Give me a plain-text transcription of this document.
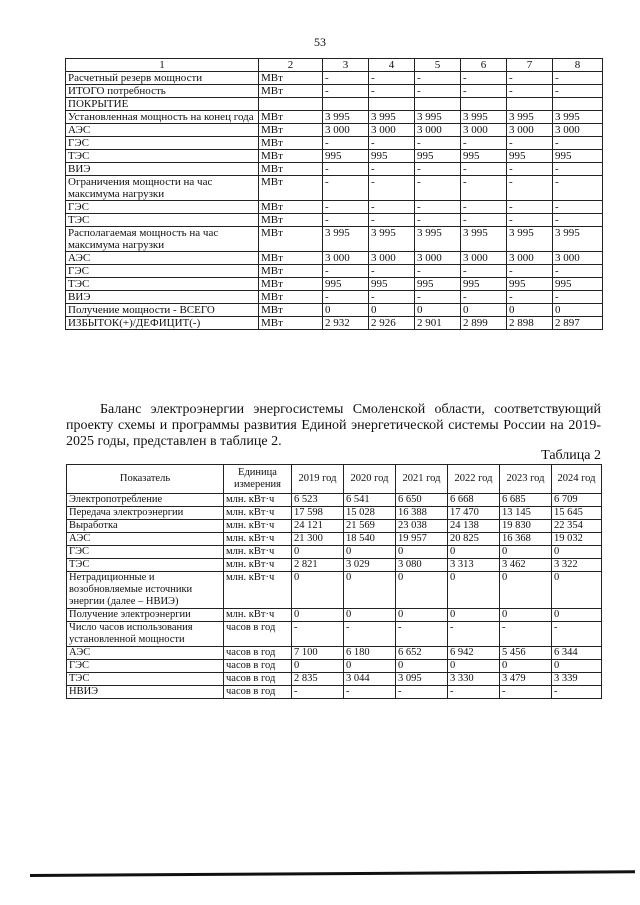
53
1	2	3	4	5	6	7	8
Расчетный резерв мощности	МВт	-	-	-	-	-	-
ИТОГО потребность	МВт	-	-	-	-	-	-
ПОКРЫТИЕ							
Установленная мощность на конец года	МВт	3 995	3 995	3 995	3 995	3 995	3 995
АЭС	МВт	3 000	3 000	3 000	3 000	3 000	3 000
ГЭС	МВт	-	-	-	-	-	-
ТЭС	МВт	995	995	995	995	995	995
ВИЭ	МВт	-	-	-	-	-	-
Ограничения мощности на час максимума нагрузки	МВт	-	-	-	-	-	-
ГЭС	МВт	-	-	-	-	-	-
ТЭС	МВт	-	-	-	-	-	-
Располагаемая мощность на час максимума нагрузки	МВт	3 995	3 995	3 995	3 995	3 995	3 995
АЭС	МВт	3 000	3 000	3 000	3 000	3 000	3 000
ГЭС	МВт	-	-	-	-	-	-
ТЭС	МВт	995	995	995	995	995	995
ВИЭ	МВт	-	-	-	-	-	-
Получение мощности - ВСЕГО	МВт	0	0	0	0	0	0
ИЗБЫТОК(+)/ДЕФИЦИТ(-)	МВт	2 932	2 926	2 901	2 899	2 898	2 897
Баланс электроэнергии энергосистемы Смоленской области, соответствующий проекту схемы и программы развития Единой энергетической системы России на 2019-2025 годы, представлен в таблице 2.
Таблица 2
Показатель	Единица измерения	2019 год	2020 год	2021 год	2022 год	2023 год	2024 год
Электропотребление	млн. кВт·ч	6 523	6 541	6 650	6 668	6 685	6 709
Передача электроэнергии	млн. кВт·ч	17 598	15 028	16 388	17 470	13 145	15 645
Выработка	млн. кВт·ч	24 121	21 569	23 038	24 138	19 830	22 354
АЭС	млн. кВт·ч	21 300	18 540	19 957	20 825	16 368	19 032
ГЭС	млн. кВт·ч	0	0	0	0	0	0
ТЭС	млн. кВт·ч	2 821	3 029	3 080	3 313	3 462	3 322
Нетрадиционные и возобновляемые источники энергии (далее – НВИЭ)	млн. кВт·ч	0	0	0	0	0	0
Получение электроэнергии	млн. кВт·ч	0	0	0	0	0	0
Число часов использования установленной мощности	часов в год	-	-	-	-	-	-
АЭС	часов в год	7 100	6 180	6 652	6 942	5 456	6 344
ГЭС	часов в год	0	0	0	0	0	0
ТЭС	часов в год	2 835	3 044	3 095	3 330	3 479	3 339
НВИЭ	часов в год	-	-	-	-	-	-
